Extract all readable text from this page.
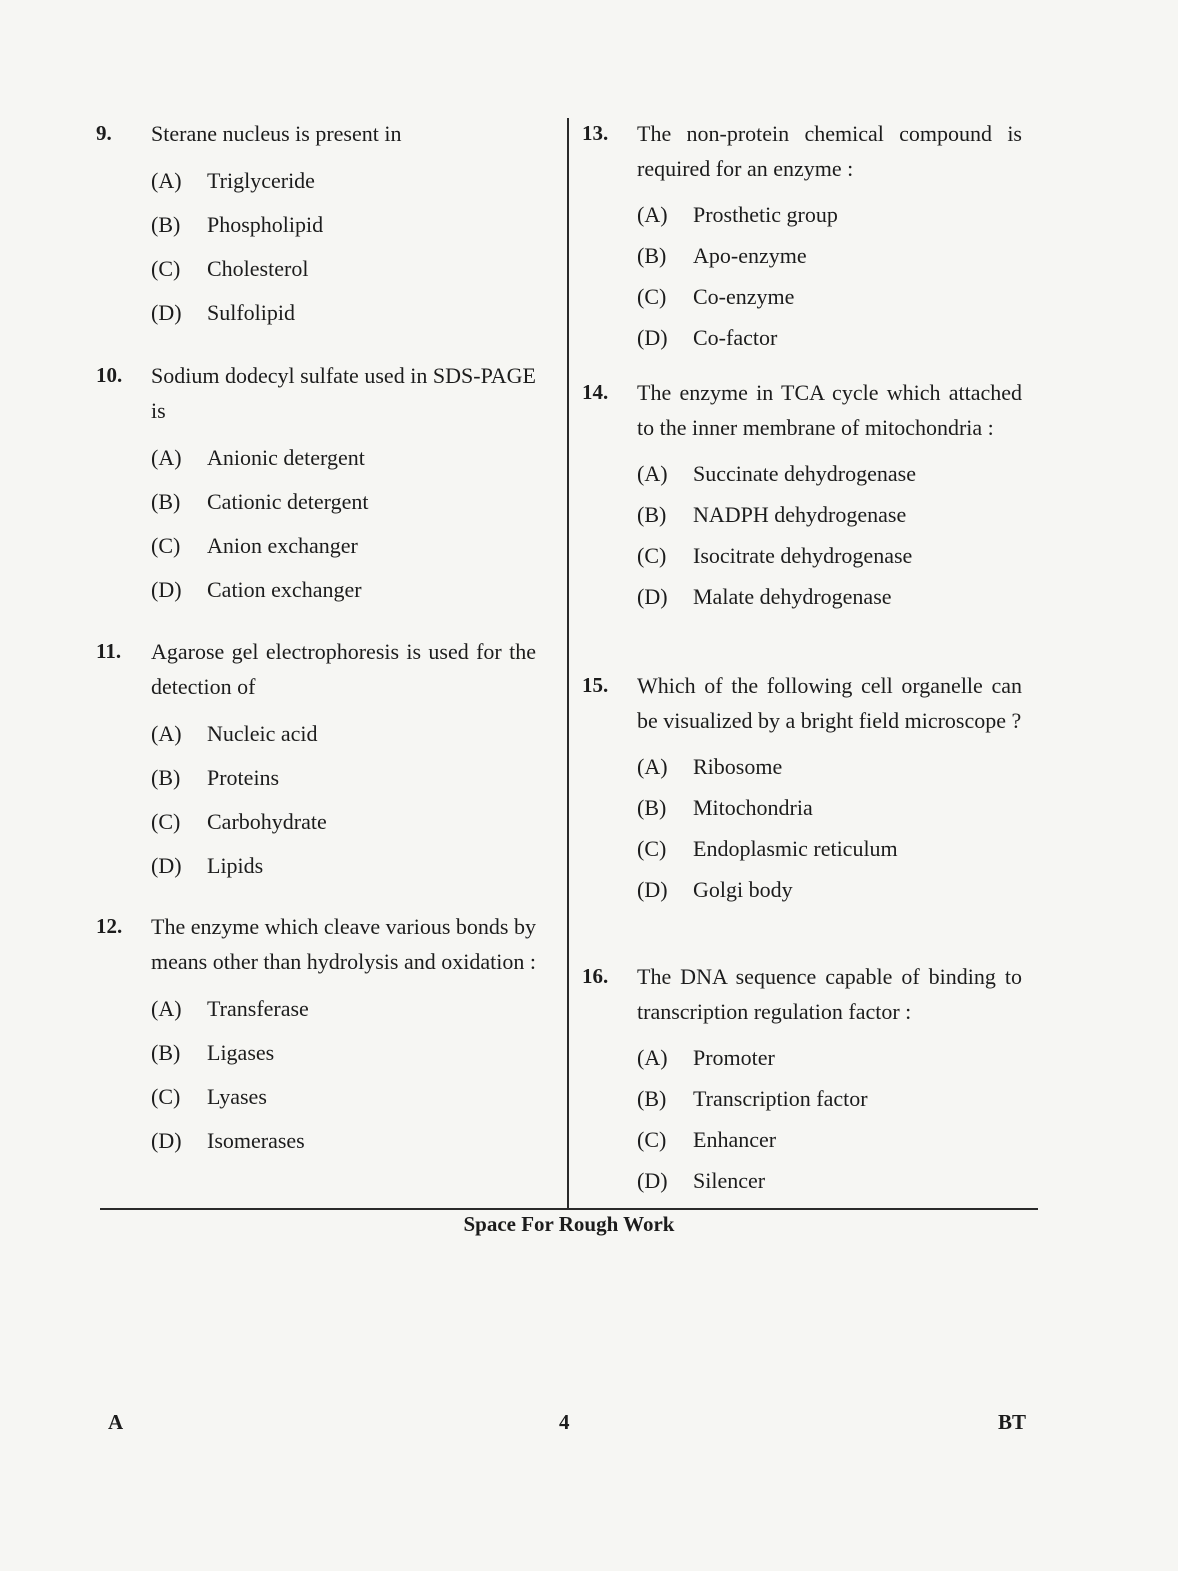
9.	Sterane nucleus is present in
(A)	Triglyceride
(B)	Phospholipid
(C)	Cholesterol
(D)	Sulfolipid
10.	Sodium dodecyl sulfate used in SDS-PAGE is
(A)	Anionic detergent
(B)	Cationic detergent
(C)	Anion exchanger
(D)	Cation exchanger
11.	Agarose gel electrophoresis is used for the detection of
(A)	Nucleic acid
(B)	Proteins
(C)	Carbohydrate
(D)	Lipids
12.	The enzyme which cleave various bonds by means other than hydrolysis and oxidation :
(A)	Transferase
(B)	Ligases
(C)	Lyases
(D)	Isomerases
13.	The non-protein chemical compound is required for an enzyme :
(A)	Prosthetic group
(B)	Apo-enzyme
(C)	Co-enzyme
(D)	Co-factor
14.	The enzyme in TCA cycle which attached to the inner membrane of mitochondria :
(A)	Succinate dehydrogenase
(B)	NADPH dehydrogenase
(C)	Isocitrate dehydrogenase
(D)	Malate dehydrogenase
15.	Which of the following cell organelle can be visualized by a bright field microscope ?
(A)	Ribosome
(B)	Mitochondria
(C)	Endoplasmic reticulum
(D)	Golgi body
16.	The DNA sequence capable of binding to transcription regulation factor :
(A)	Promoter
(B)	Transcription factor
(C)	Enhancer
(D)	Silencer
Space For Rough Work
A	4	BT
